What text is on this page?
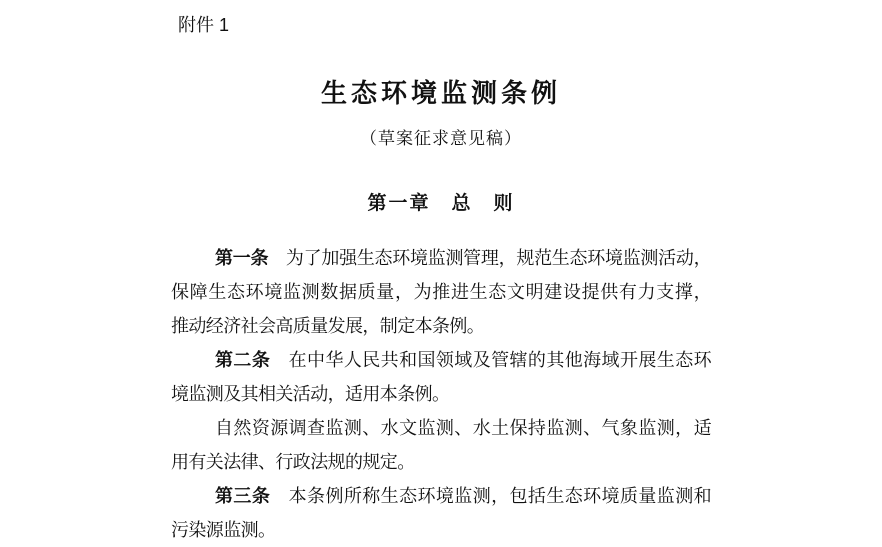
附件 1
生态环境监测条例
（草案征求意见稿）
第一章　总　则
第一条　为了加强生态环境监测管理，规范生态环境监测活动，
保障生态环境监测数据质量，为推进生态文明建设提供有力支撑，
推动经济社会高质量发展，制定本条例。
第二条　在中华人民共和国领域及管辖的其他海域开展生态环
境监测及其相关活动，适用本条例。
自然资源调查监测、水文监测、水土保持监测、气象监测，适
用有关法律、行政法规的规定。
第三条　本条例所称生态环境监测，包括生态环境质量监测和
污染源监测。
